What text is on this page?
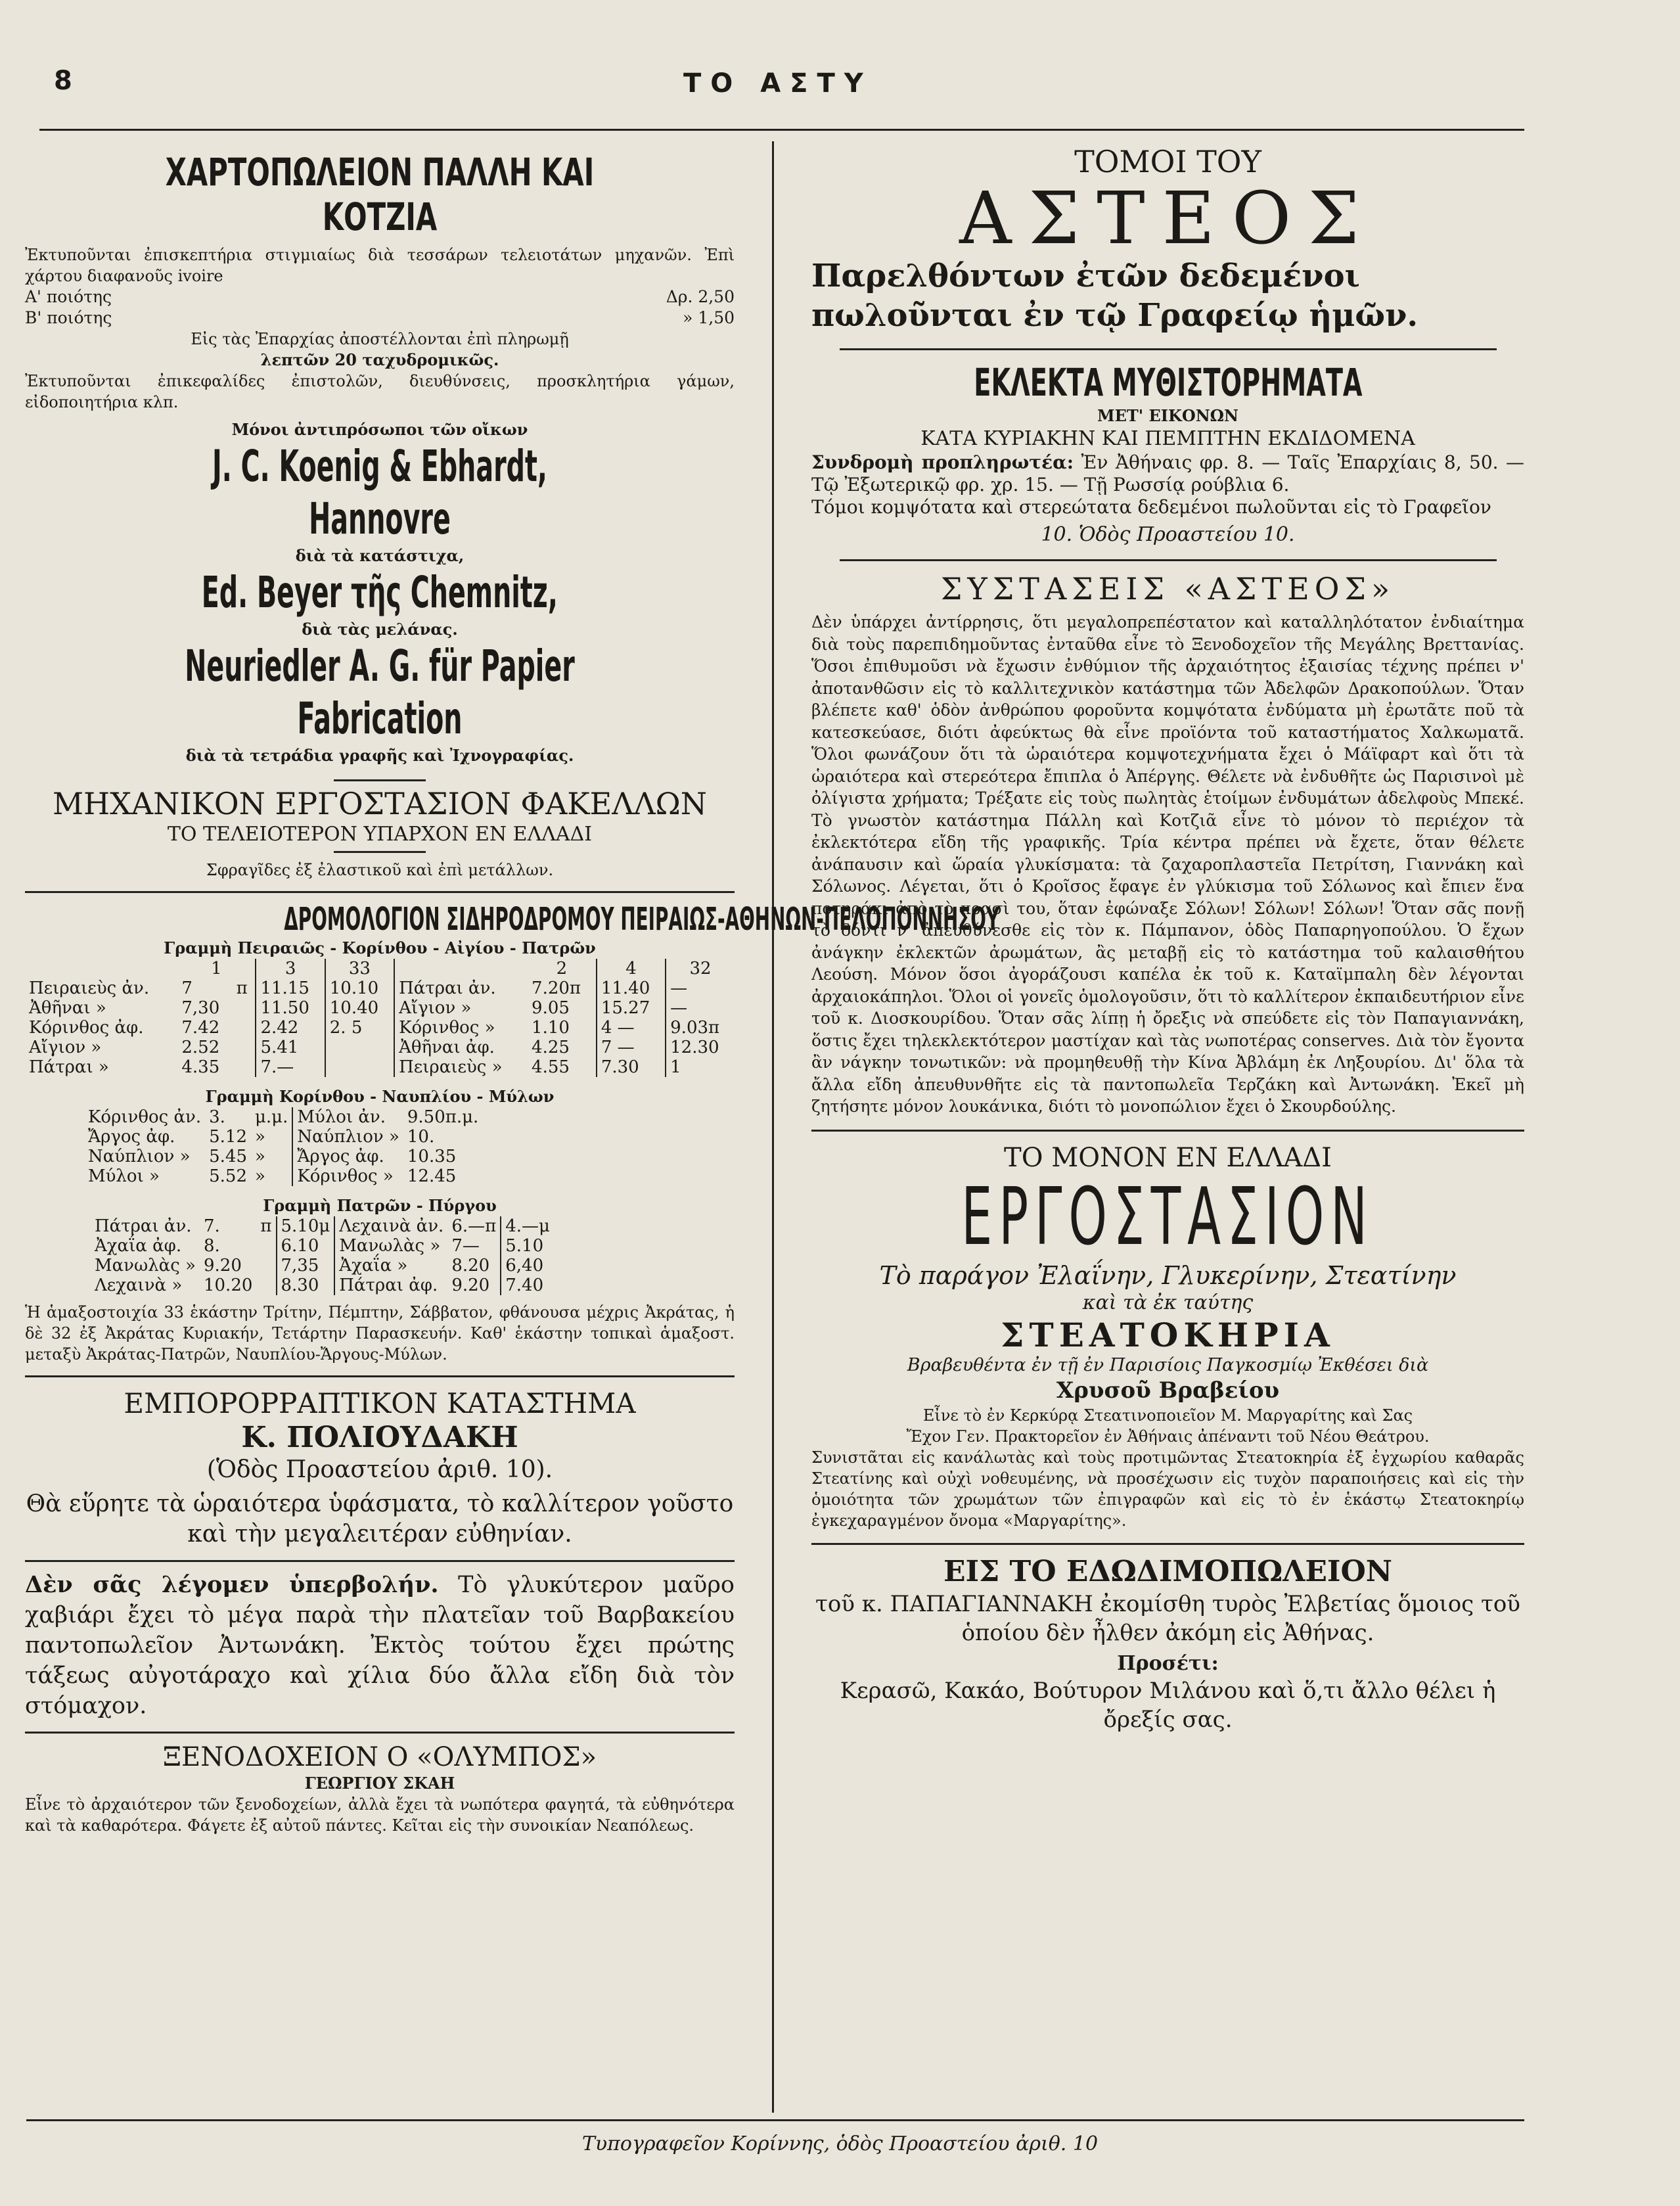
8	ΤΟ ΑΣΤΥ
ΧΑΡΤΟΠΩΛΕΙΟΝ ΠΑΛΛΗ ΚΑΙ ΚΟΤΖΙΑ

Ἐκτυποῦνται ἐπισκεπτήρια στιγμιαίως διὰ τεσσάρων τελειοτάτων μηχανῶν. Ἐπὶ χάρτου διαφανοῦς ivoire

Α' ποιότης	Δρ. 2,50
Β' ποιότης	» 1,50

Εἰς τὰς Ἐπαρχίας ἀποστέλλονται ἐπὶ πληρωμῇ

λεπτῶν 20 ταχυδρομικῶς.

Ἐκτυποῦνται ἐπικεφαλίδες ἐπιστολῶν, διευθύνσεις, προσκλητήρια γάμων, εἰδοποιητήρια κλπ.

Μόνοι ἀντιπρόσωποι τῶν οἴκων

J. C. Koenig & Ebhardt, Hannovre

διὰ τὰ κατάστιχα,

Ed. Beyer τῆς Chemnitz,

διὰ τὰς μελάνας.

Neuriedler A. G. für Papier Fabrication

διὰ τὰ τετράδια γραφῆς καὶ Ἰχνογραφίας.

ΜΗΧΑΝΙΚΟΝ ΕΡΓΟΣΤΑΣΙΟΝ ΦΑΚΕΛΛΩΝ

ΤΟ ΤΕΛΕΙΟΤΕΡΟΝ ΥΠΑΡΧΟΝ ΕΝ ΕΛΛΑΔΙ

Σφραγῖδες ἐξ ἐλαστικοῦ καὶ ἐπὶ μετάλλων.

ΔΡΟΜΟΛΟΓΙΟΝ ΣΙΔΗΡΟΔΡΟΜΟΥ ΠΕΙΡΑΙΩΣ-ΑΘΗΝΩΝ-ΠΕΛΟΠΟΝΝΗΣΟΥ

Γραμμὴ Πειραιῶς - Κορίνθου - Αἰγίου - Πατρῶν

	1		3	33		2	4	32
Πειραιεὺς ἀν.	7	π	11.15	10.10	Πάτραι ἀν.	7.20π	11.40	—
Ἀθῆναι »	7,30		11.50	10.40	Αἴγιον »	9.05	15.27	—
Κόρινθος ἀφ.	7.42		2.42	2. 5	Κόρινθος »	1.10	4 —	9.03π
Αἴγιον »	2.52		5.41		Ἀθῆναι ἀφ.	4.25	7 —	12.30
Πάτραι »	4.35		7.—		Πειραιεὺς »	4.55	7.30	1

Γραμμὴ Κορίνθου - Ναυπλίου - Μύλων

Κόρινθος ἀν.	3.	μ.μ.	Μύλοι ἀν.	9.50π.μ.
Ἄργος ἀφ.	5.12	»	Ναύπλιον »	10.
Ναύπλιον »	5.45	»	Ἄργος ἀφ.	10.35
Μύλοι »	5.52	»	Κόρινθος »	12.45

Γραμμὴ Πατρῶν - Πύργου

Πάτραι ἀν.	7.	π	5.10μ	Λεχαινὰ ἀν.	6.—π	4.—μ
Ἀχαΐα ἀφ.	8.		6.10	Μανωλὰς »	7—	5.10
Μανωλὰς »	9.20		7,35	Ἀχαΐα »	8.20	6,40
Λεχαινὰ »	10.20		8.30	Πάτραι ἀφ.	9.20	7.40

Ἡ ἁμαξοστοιχία 33 ἑκάστην Τρίτην, Πέμπτην, Σάββατον, φθάνουσα μέχρις Ἀκράτας, ἡ δὲ 32 ἐξ Ἀκράτας Κυριακήν, Τετάρτην Παρασκευήν. Καθ' ἑκάστην τοπικαὶ ἁμαξοστ. μεταξὺ Ἀκράτας-Πατρῶν, Ναυπλίου-Ἄργους-Μύλων.

ΕΜΠΟΡΟΡΡΑΠΤΙΚΟΝ ΚΑΤΑΣΤΗΜΑ

Κ. ΠΟΛΙΟΥΔΑΚΗ

(Ὁδὸς Προαστείου ἀριθ. 10).

Θὰ εὕρητε τὰ ὡραιότερα ὑφάσματα, τὸ καλλίτερον γοῦστο καὶ τὴν μεγαλειτέραν εὐθηνίαν.

Δὲν σᾶς λέγομεν ὑπερβολήν. Τὸ γλυκύτερον μαῦρο χαβιάρι ἔχει τὸ μέγα παρὰ τὴν πλατεῖαν τοῦ Βαρβακείου παντοπωλεῖον Ἀντωνάκη. Ἐκτὸς τούτου ἔχει πρώτης τάξεως αὐγοτάραχο καὶ χίλια δύο ἄλλα εἴδη διὰ τὸν στόμαχον.

ΞΕΝΟΔΟΧΕΙΟΝ Ο «ΟΛΥΜΠΟΣ»

ΓΕΩΡΓΙΟΥ ΣΚΑΗ

Εἶνε τὸ ἀρχαιότερον τῶν ξενοδοχείων, ἀλλὰ ἔχει τὰ νωπότερα φαγητά, τὰ εὐθηνότερα καὶ τὰ καθαρότερα. Φάγετε ἐξ αὐτοῦ πάντες. Κεῖται εἰς τὴν συνοικίαν Νεαπόλεως.

ΤΟΜΟΙ ΤΟΥ

ΑΣΤΕΟΣ

Παρελθόντων ἐτῶν δεδεμένοι πωλοῦνται ἐν τῷ Γραφείῳ ἡμῶν.

ΕΚΛΕΚΤΑ ΜΥΘΙΣΤΟΡΗΜΑΤΑ

ΜΕΤ' ΕΙΚΟΝΩΝ

ΚΑΤΑ ΚΥΡΙΑΚΗΝ ΚΑΙ ΠΕΜΠΤΗΝ ΕΚΔΙΔΟΜΕΝΑ

Συνδρομὴ προπληρωτέα: Ἐν Ἀθήναις φρ. 8. — Ταῖς Ἐπαρχίαις 8, 50. — Τῷ Ἐξωτερικῷ φρ. χρ. 15. — Τῇ Ρωσσίᾳ ρούβλια 6.

Τόμοι κομψότατα καὶ στερεώτατα δεδεμένοι πωλοῦνται εἰς τὸ Γραφεῖον

10. Ὁδὸς Προαστείου 10.

ΣΥΣΤΑΣΕΙΣ «ΑΣΤΕΟΣ»

Δὲν ὑπάρχει ἀντίρρησις, ὅτι μεγαλοπρεπέστατον καὶ καταλληλότατον ἐνδιαίτημα διὰ τοὺς παρεπιδημοῦντας ἐνταῦθα εἶνε τὸ Ξενοδοχεῖον τῆς Μεγάλης Βρεττανίας. Ὅσοι ἐπιθυμοῦσι νὰ ἔχωσιν ἐνθύμιον τῆς ἀρχαιότητος ἐξαισίας τέχνης πρέπει ν' ἀποτανθῶσιν εἰς τὸ καλλιτεχνικὸν κατάστημα τῶν Ἀδελφῶν Δρακοπούλων. Ὅταν βλέπετε καθ' ὁδὸν ἀνθρώπου φοροῦντα κομψότατα ἐνδύματα μὴ ἐρωτᾶτε ποῦ τὰ κατεσκεύασε, διότι ἀφεύκτως θὰ εἶνε προϊόντα τοῦ καταστήματος Χαλκωματᾶ. Ὅλοι φωνάζουν ὅτι τὰ ὡραιότερα κομψοτεχνήματα ἔχει ὁ Μάϊφαρτ καὶ ὅτι τὰ ὡραιότερα καὶ στερεότερα ἔπιπλα ὁ Ἀπέργης. Θέλετε νὰ ἐνδυθῆτε ὡς Παρισινοὶ μὲ ὀλίγιστα χρήματα; Τρέξατε εἰς τοὺς πωλητὰς ἑτοίμων ἐνδυμάτων ἀδελφοὺς Μπεκέ. Τὸ γνωστὸν κατάστημα Πάλλη καὶ Κοτζιᾶ εἶνε τὸ μόνον τὸ περιέχον τὰ ἐκλεκτότερα εἴδη τῆς γραφικῆς. Τρία κέντρα πρέπει νὰ ἔχετε, ὅταν θέλετε ἀνάπαυσιν καὶ ὥραία γλυκίσματα: τὰ ζαχαροπλαστεῖα Πετρίτση, Γιαννάκη καὶ Σόλωνος. Λέγεται, ὅτι ὁ Κροῖσος ἔφαγε ἐν γλύκισμα τοῦ Σόλωνος καὶ ἔπιεν ἕνα ποτηράκι ἀπὸ τὸ κρασὶ του, ὅταν ἐφώναξε Σόλων! Σόλων! Σόλων! Ὅταν σᾶς πονῇ τὸ δόντι ν' ἀπευθύνεσθε εἰς τὸν κ. Πάμπανον, ὁδὸς Παπαρηγοπούλου. Ὁ ἔχων ἀνάγκην ἐκλεκτῶν ἀρωμάτων, ἂς μεταβῇ εἰς τὸ κατάστημα τοῦ καλαισθήτου Λεούση. Μόνον ὅσοι ἀγοράζουσι καπέλα ἐκ τοῦ κ. Καταϊμπαλη δὲν λέγονται ἀρχαιοκάπηλοι. Ὅλοι οἱ γονεῖς ὁμολογοῦσιν, ὅτι τὸ καλλίτερον ἐκπαιδευτήριον εἶνε τοῦ κ. Διοσκουρίδου. Ὅταν σᾶς λίπῃ ἡ ὄρεξις νὰ σπεύδετε εἰς τὸν Παπαγιαννάκη, ὅστις ἔχει τηλεκλεκτότερον μαστίχαν καὶ τὰς νωποτέρας conserves. Διὰ τὸν ἔγοντα ἂν νάγκην τονωτικῶν: νὰ προμηθευθῇ τὴν Κίνα Ἀβλάμη ἐκ Ληξουρίου. Δι' ὅλα τὰ ἄλλα εἴδη ἀπευθυνθῆτε εἰς τὰ παντοπωλεῖα Τερζάκη καὶ Ἀντωνάκη. Ἐκεῖ μὴ ζητήσητε μόνον λουκάνικα, διότι τὸ μονοπώλιον ἔχει ὁ Σκουρδούλης.

ΤΟ ΜΟΝΟΝ ΕΝ ΕΛΛΑΔΙ

ΕΡΓΟΣΤΑΣΙΟΝ

Τὸ παράγον Ἐλαΐνην, Γλυκερίνην, Στεατίνην

καὶ τὰ ἐκ ταύτης

ΣΤΕΑΤΟΚΗΡΙΑ

Βραβευθέντα ἐν τῇ ἐν Παρισίοις Παγκοσμίῳ Ἐκθέσει διὰ

Χρυσοῦ Βραβείου

Εἶνε τὸ ἐν Κερκύρᾳ Στεατινοποιεῖον Μ. Μαργαρίτης καὶ Σας

Ἔχον Γεν. Πρακτορεῖον ἐν Ἀθήναις ἀπέναντι τοῦ Νέου Θεάτρου.

Συνιστᾶται εἰς κανάλωτὰς καὶ τοὺς προτιμῶντας Στεατοκηρία ἐξ ἐγχωρίου καθαρᾶς Στεατίνης καὶ οὐχὶ νοθευμένης, νὰ προσέχωσιν εἰς τυχὸν παραποιήσεις καὶ εἰς τὴν ὁμοιότητα τῶν χρωμάτων τῶν ἐπιγραφῶν καὶ εἰς τὸ ἐν ἑκάστῳ Στεατοκηρίῳ ἐγκεχαραγμένον ὄνομα «Μαργαρίτης».

ΕΙΣ ΤΟ ΕΔΩΔΙΜΟΠΩΛΕΙΟΝ

τοῦ κ. ΠΑΠΑΓΙΑΝΝΑΚΗ ἐκομίσθη τυρὸς Ἐλβετίας ὅμοιος τοῦ ὁποίου δὲν ἦλθεν ἀκόμη εἰς Ἀθήνας.

Προσέτι:

Κερασῶ, Κακάο, Βούτυρον Μιλάνου καὶ ὅ,τι ἄλλο θέλει ἡ ὄρεξίς σας.

Τυπογραφεῖον Κορίννης, ὁδὸς Προαστείου ἀριθ. 10
